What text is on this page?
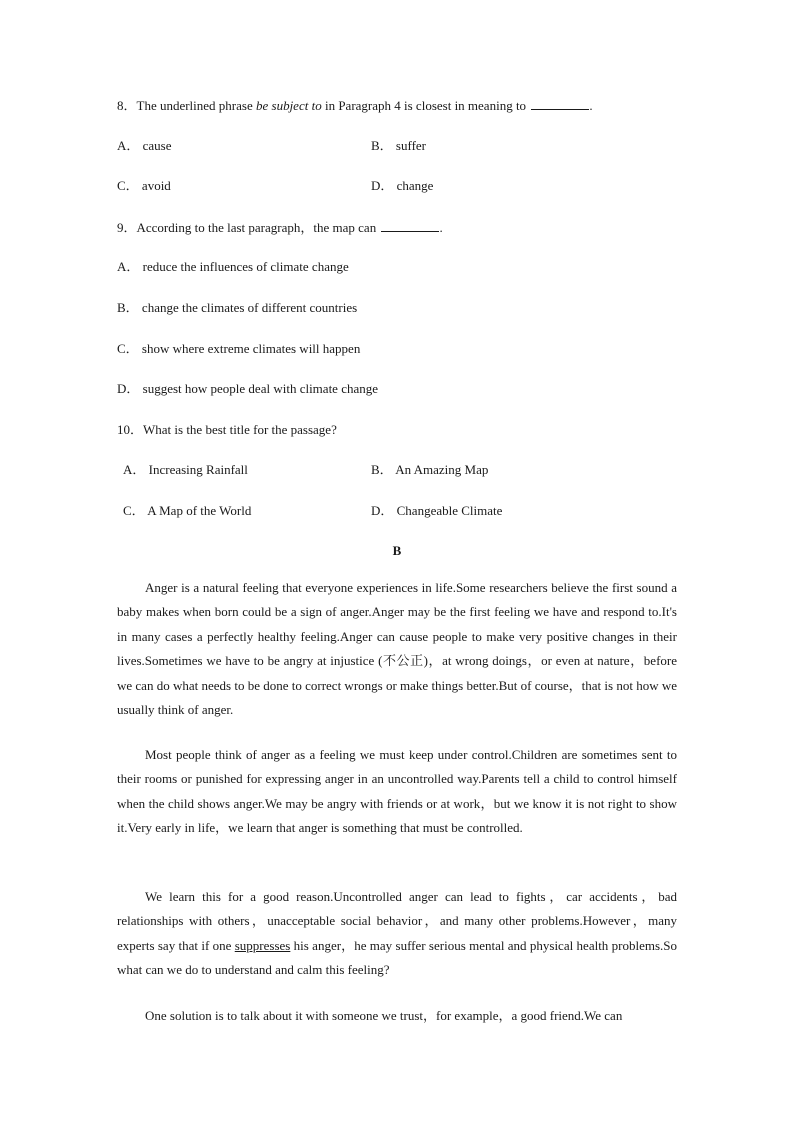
8．The underlined phrase be subject to in Paragraph 4 is closest in meaning to	.
A． cause	B． suffer
C． avoid	D． change
9．According to the last paragraph，the map can	.
A． reduce the influences of climate change
B． change the climates of different countries
C． show where extreme climates will happen
D． suggest how people deal with climate change
10．What is the best title for the passage?
A． Increasing Rainfall	B． An Amazing Map
C． A Map of the World	D． Changeable Climate
B
Anger is a natural feeling that everyone experiences in life.Some researchers believe the first sound a baby makes when born could be a sign of anger.Anger may be the first feeling we have and respond to.It's in many cases a perfectly healthy feeling.Anger can cause people to make very positive changes in their lives.Sometimes we have to be angry at injustice (不公正)，at wrong doings，or even at nature，before we can do what needs to be done to correct wrongs or make things better.But of course，that is not how we usually think of anger.
Most people think of anger as a feeling we must keep under control.Children are sometimes sent to their rooms or punished for expressing anger in an uncontrolled way.Parents tell a child to control himself when the child shows anger.We may be angry with friends or at work，but we know it is not right to show it.Very early in life，we learn that anger is something that must be controlled.
We learn this for a good reason.Uncontrolled anger can lead to fights，car accidents，bad relationships with others，unacceptable social behavior，and many other problems.However，many experts say that if one suppresses his anger，he may suffer serious mental and physical health problems.So what can we do to understand and calm this feeling?
One solution is to talk about it with someone we trust，for example，a good friend.We can
